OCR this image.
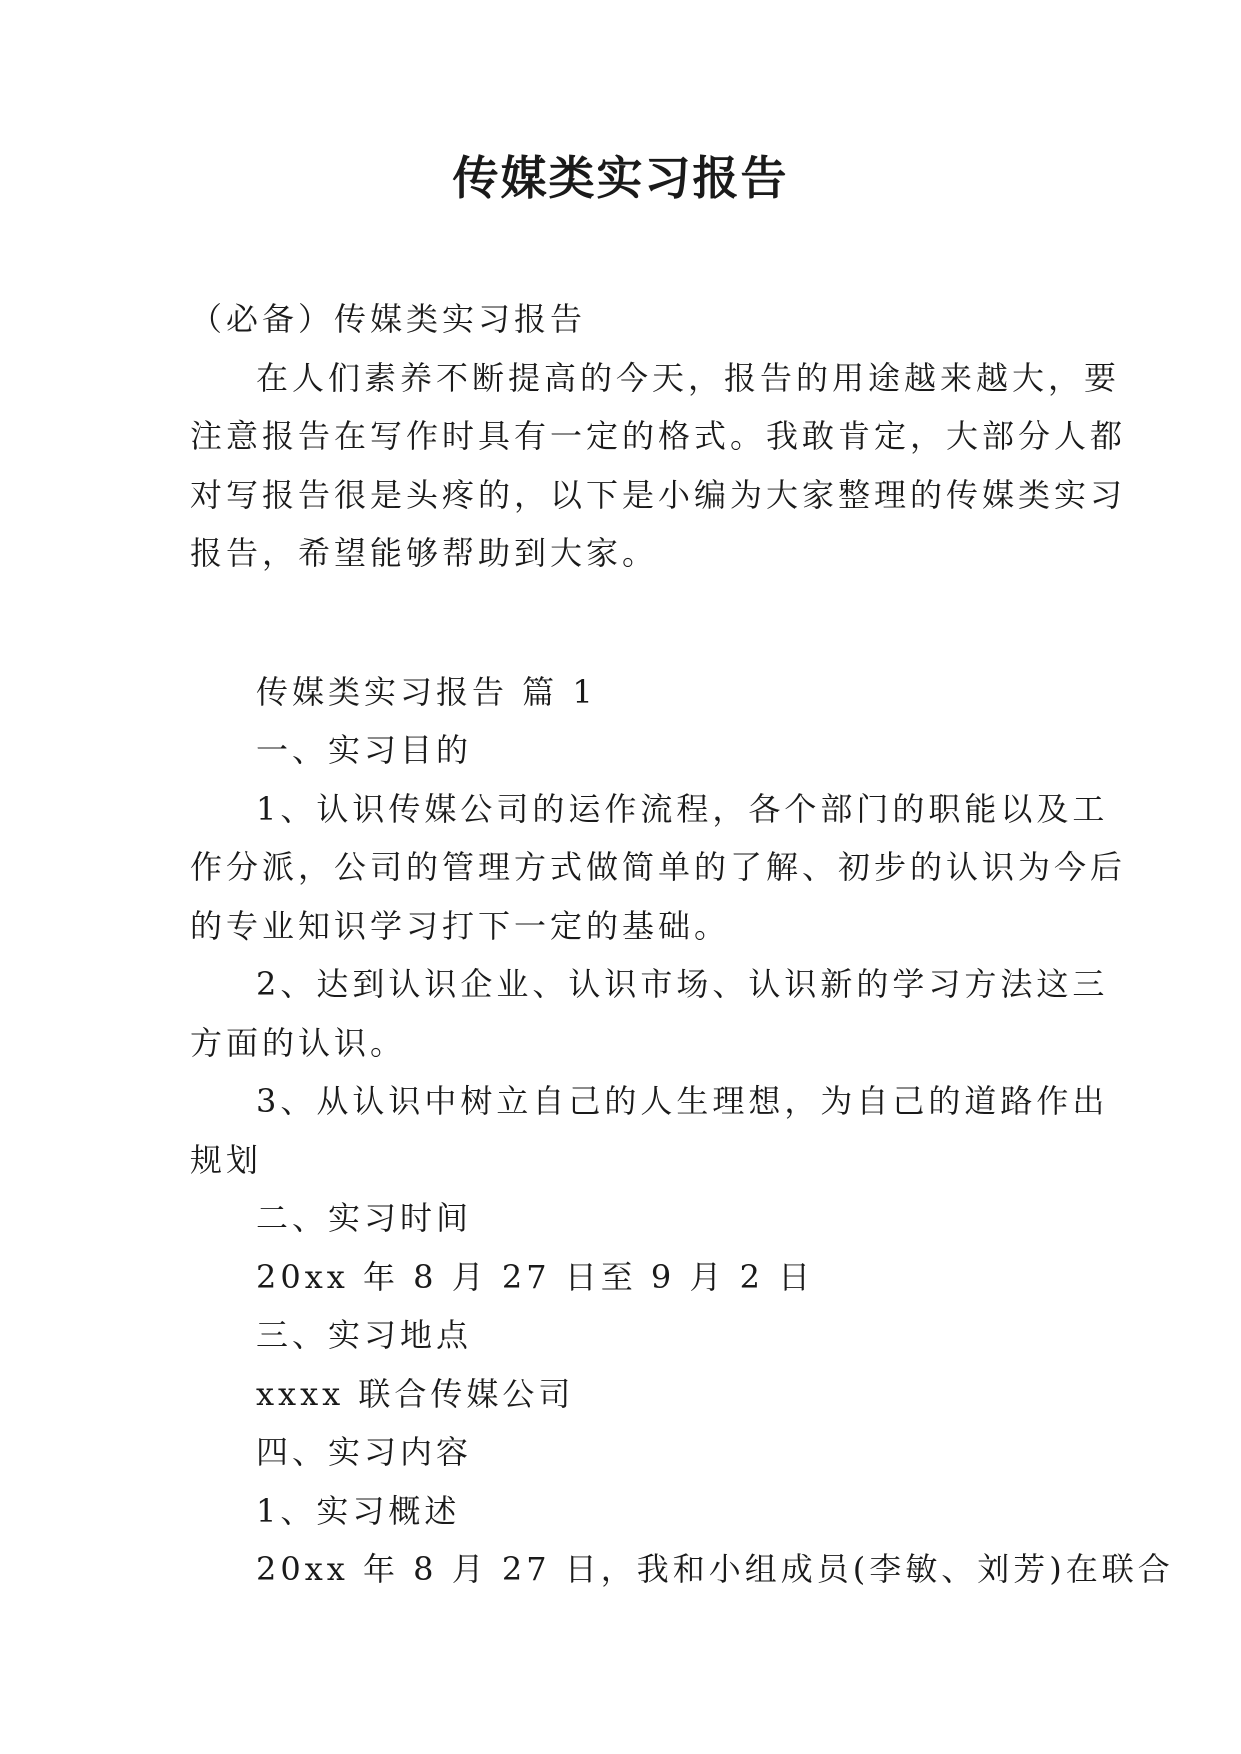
传媒类实习报告
（必备）传媒类实习报告
在人们素养不断提高的今天，报告的用途越来越大，要
注意报告在写作时具有一定的格式。我敢肯定，大部分人都
对写报告很是头疼的，以下是小编为大家整理的传媒类实习
报告，希望能够帮助到大家。
传媒类实习报告 篇 1
一、实习目的
1、认识传媒公司的运作流程，各个部门的职能以及工
作分派，公司的管理方式做简单的了解、初步的认识为今后
的专业知识学习打下一定的基础。
2、达到认识企业、认识市场、认识新的学习方法这三
方面的认识。
3、从认识中树立自己的人生理想，为自己的道路作出
规划
二、实习时间
20xx 年 8 月 27 日至 9 月 2 日
三、实习地点
xxxx 联合传媒公司
四、实习内容
1、实习概述
20xx 年 8 月 27 日，我和小组成员(李敏、刘芳)在联合
